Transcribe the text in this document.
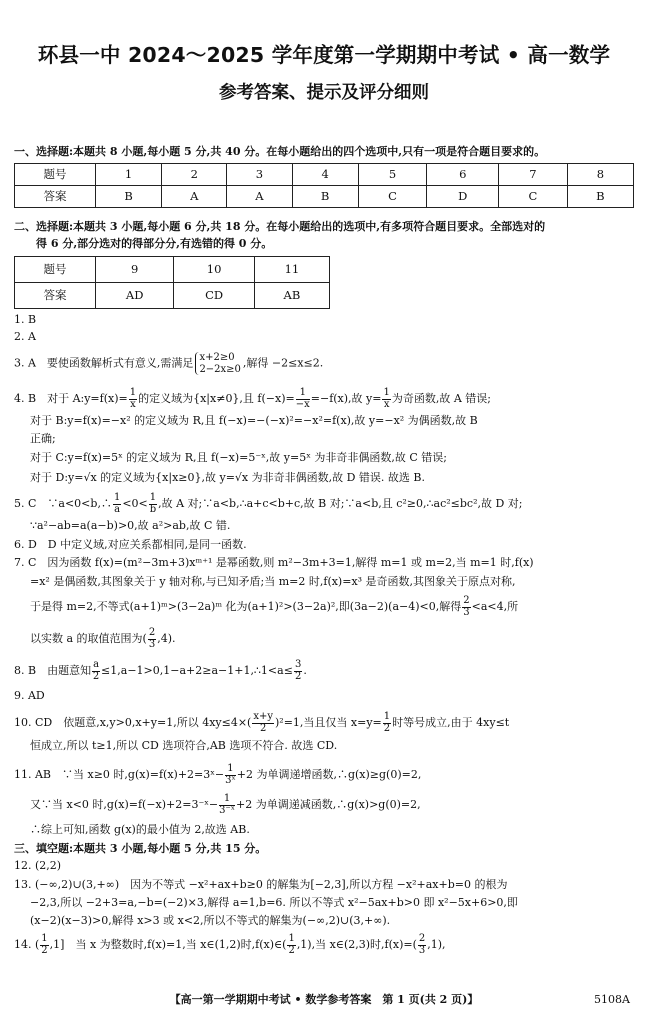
环县一中 2024～2025 学年度第一学期期中考试 • 高一数学
参考答案、提示及评分细则
一、选择题:本题共 8 小题,每小题 5 分,共 40 分。在每小题给出的四个选项中,只有一项是符合题目要求的。
题号	1	2	3	4	5	6	7	8
答案	B	A	A	B	C	D	C	B
二、选择题:本题共 3 小题,每小题 6 分,共 18 分。在每小题给出的选项中,有多项符合题目要求。全部选对的
得 6 分,部分选对的得部分分,有选错的得 0 分。
题号	9	10	11
答案	AD	CD	AB
1. B
2. A
3. A　要使函数解析式有意义,需满足 x+2≥0
2−2x≥0 ,解得 −2≤x≤2.
4. B　对于 A:y=f(x)= $\frac{1}{x}$ 的定义域为{x|x≠0},且 $f(-x)= \frac{1}{-x} =-f(x)$,故 $y= \frac{1}{x}$ 为奇函数,故 A 错误;
对于 B:y=f(x)=−x² 的定义域为 R,且 f(−x)=−(−x)²=−x²=f(x),故 y=−x² 为偶函数,故 B
正确;
对于 C:y=f(x)=5ˣ 的定义域为 R,且 f(−x)=5⁻ˣ,故 y=5ˣ 为非奇非偶函数,故 C 错误;
对于 D:y=√x 的定义域为{x|x≥0},故 y=√x 为非奇非偶函数,故 D 错误. 故选 B.
5. C　∵a<0<b,∴ $\frac{1}{a} <0< \frac{1}{b}$ ,故 A 对;∵a<b,∴a+c<b+c,故 B 对;∵a<b,且 c²≥0,∴ac²≤bc²,故 D 对;
∵a²−ab=a(a−b)>0,故 a²>ab,故 C 错.
6. D　D 中定义域,对应关系都相同,是同一函数.
7. C　因为函数 f(x)=(m²−3m+3)xᵐ⁺¹ 是幂函数,则 m²−3m+3=1,解得 m=1 或 m=2,当 m=1 时,f(x)
=x² 是偶函数,其图象关于 y 轴对称,与已知矛盾;当 m=2 时,f(x)=x³ 是奇函数,其图象关于原点对称,
于是得 m=2,不等式(a+1)ᵐ>(3−2a)ᵐ 化为(a+1)²>(3−2a)²,即(3a−2)(a−4)<0,解得 $\frac{2}{3} <a<4$,所
以实数 a 的取值范围为( $\frac{2}{3} ,4$).
8. B　由题意知 $\frac{a}{2}$ ≤1,a−1>0,1−a+2≥a−1+1,∴1<a≤ $\frac{3}{2}$ .
9. AD
10. CD　依题意,x,y>0,x+y=1,所以 $4xy\le 4\times( \frac{x+y}{2} )^2=1$,当且仅当 $x=y= \frac{1}{2}$ 时等号成立,由于 4xy≤t
恒成立,所以 t≥1,所以 CD 选项符合,AB 选项不符合. 故选 CD.
11. AB　∵当 x≥0 时,g(x)=f(x)+2=3ˣ− $\frac{1}{\text{3ˣ}} +2$ 为单调递增函数,∴g(x)≥g(0)=2,
又∵当 x<0 时,g(x)=f(−x)+2=3⁻ˣ− $\frac{1}{\text{3⁻ˣ}} +2$ 为单调递减函数,∴g(x)>g(0)=2,
∴综上可知,函数 g(x)的最小值为 2,故选 AB.
三、填空题:本题共 3 小题,每小题 5 分,共 15 分。
12. (2,2)
13. (−∞,2)∪(3,+∞)　因为不等式 −x²+ax+b≥0 的解集为[−2,3],所以方程 −x²+ax+b=0 的根为
−2,3,所以 −2+3=a,−b=(−2)×3,解得 a=1,b=6. 所以不等式 x²−5ax+b>0 即 x²−5x+6>0,即
(x−2)(x−3)>0,解得 x>3 或 x<2,所以不等式的解集为(−∞,2)∪(3,+∞).
14. ( $\frac{1}{2} ,1$]　当 x 为整数时,f(x)=1,当 x∈(1,2)时,f(x)∈( $\frac{1}{2} ,1$),当 x∈(2,3)时$,f(x)=( \frac{2}{3} ,1)$,
【高一第一学期期中考试 • 数学参考答案　第 1 页(共 2 页)】	5108A
